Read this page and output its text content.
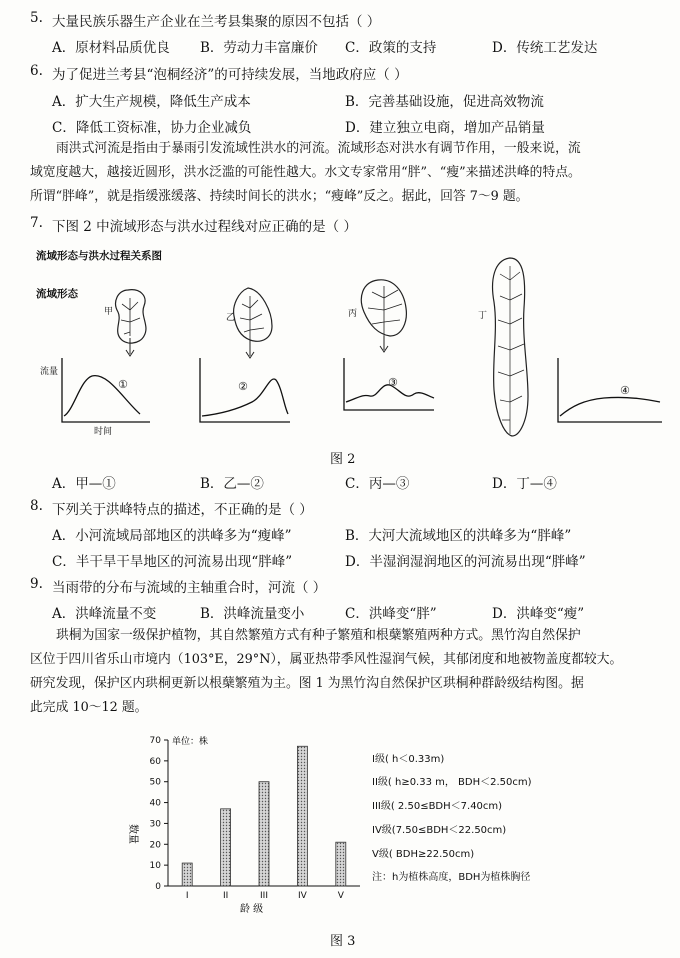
5. 大量民族乐器生产企业在兰考县集聚的原因不包括（ ）
A．原材料品质优良 B．劳动力丰富廉价 C．政策的支持	D．传统工艺发达
6. 为了促进兰考县“泡桐经济”的可持续发展，当地政府应（ ）
A．扩大生产规模，降低生产成本	B．完善基础设施，促进高效物流
C．降低工资标准，协力企业减负	D．建立独立电商，增加产品销量
雨洪式河流是指由于暴雨引发流域性洪水的河流。流域形态对洪水有调节作用，一般来说，流
域宽度越大，越接近圆形，洪水泛滥的可能性越大。水文专家常用“胖”、“瘦”来描述洪峰的特点。
所谓“胖峰”，就是指缓涨缓落、持续时间长的洪水；“瘦峰”反之。据此，回答 7～9 题。
7. 下图 2 中流域形态与洪水过程线对应正确的是（ ）
流域形态与洪水过程关系图
流域形态
甲
乙	丙	丁
流量
时间
①	②	③
④
图 2
A．甲—①	B．乙—②	C．丙—③	D．丁—④
8. 下列关于洪峰特点的描述，不正确的是（ ）
A．小河流域局部地区的洪峰多为“瘦峰”	B．大河大流域地区的洪峰多为“胖峰”
C．半干旱干旱地区的河流易出现“胖峰”	D．半湿润湿润地区的河流易出现“胖峰”
9. 当雨带的分布与流域的主轴重合时，河流（ ）
A．洪峰流量不变	B．洪峰流量变小	C．洪峰变“胖”	D．洪峰变“瘦”
珙桐为国家一级保护植物，其自然繁殖方式有种子繁殖和根蘖繁殖两种方式。黑竹沟自然保护
区位于四川省乐山市境内（103°E，29°N），属亚热带季风性湿润气候，其郁闭度和地被物盖度都较大。
研究发现，保护区内珙桐更新以根蘖繁殖为主。图 1 为黑竹沟自然保护区珙桐种群龄级结构图。据
此完成 10～12 题。
0
10
20
30
40
50
60
70
I	II	III	IV	V
单位：株
龄 级
数量
I级( h＜0.33m)
II级( h≥0.33 m， BDH＜2.50cm)
III级( 2.50≤BDH＜7.40cm)
IV级(7.50≤BDH＜22.50cm)
V级( BDH≥22.50cm)
注：h为植株高度，BDH为植株胸径
图 3
